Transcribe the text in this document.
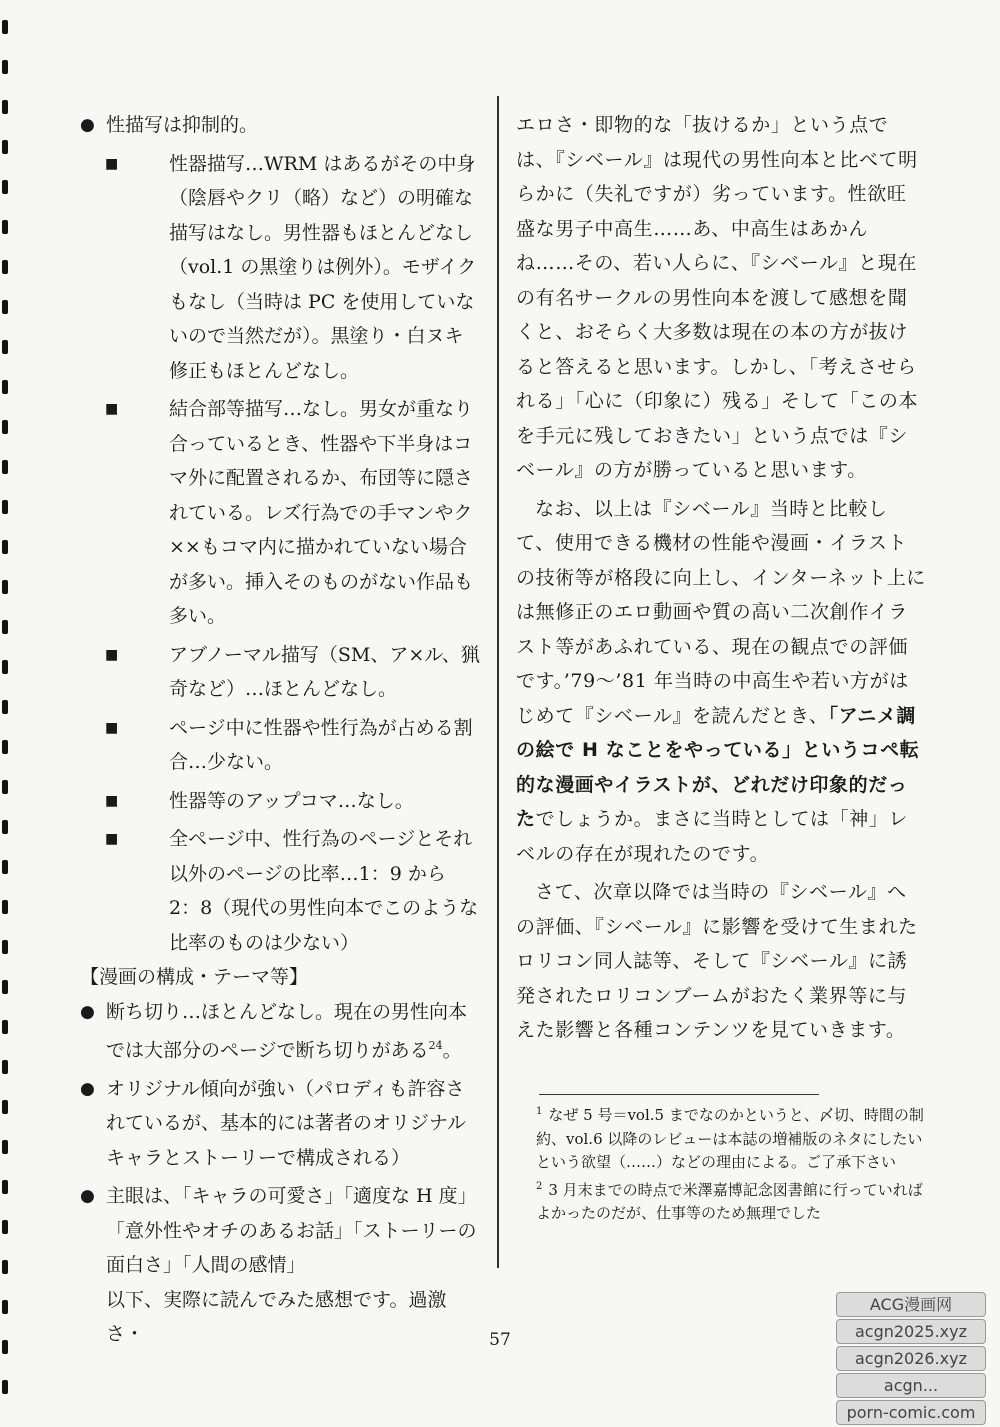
● 性描写は抑制的。
■ 性器描写…WRM はあるがその中身（陰唇やクリ（略）など）の明確な描写はなし。男性器もほとんどなし（vol.1 の黒塗りは例外）。モザイクもなし（当時は PC を使用していないので当然だが）。黒塗り・白ヌキ修正もほとんどなし。
■ 結合部等描写…なし。男女が重なり合っているとき、性器や下半身はコマ外に配置されるか、布団等に隠されている。レズ行為での手マンやク××もコマ内に描かれていない場合が多い。挿入そのものがない作品も多い。
■ アブノーマル描写（SM、ア×ル、猟奇など）…ほとんどなし。
■ ページ中に性器や性行為が占める割合…少ない。
■ 性器等のアップコマ…なし。
■ 全ページ中、性行為のページとそれ以外のページの比率…1：9 から 2：8（現代の男性向本でこのような比率のものは少ない）
【漫画の構成・テーマ等】
● 断ち切り…ほとんどなし。現在の男性向本では大部分のページで断ち切りがある$^{24}$。
● オリジナル傾向が強い（パロディも許容されているが、基本的には著者のオリジナルキャラとストーリーで構成される）
● 主眼は、「キャラの可愛さ」「適度な H 度」「意外性やオチのあるお話」「ストーリーの面白さ」「人間の感情」
以下、実際に読んでみた感想です。過激さ・
エロさ・即物的な「抜けるか」という点では、『シベール』は現代の男性向本と比べて明らかに（失礼ですが）劣っています。性欲旺盛な男子中高生……あ、中高生はあかんね……その、若い人らに、『シベール』と現在の有名サークルの男性向本を渡して感想を聞くと、おそらく大多数は現在の本の方が抜けると答えると思います。しかし、「考えさせられる」「心に（印象に）残る」そして「この本を手元に残しておきたい」という点では『シベール』の方が勝っていると思います。
なお、以上は『シベール』当時と比較して、使用できる機材の性能や漫画・イラストの技術等が格段に向上し、インターネット上には無修正のエロ動画や質の高い二次創作イラスト等があふれている、現在の観点での評価です。’79～’81 年当時の中高生や若い方がはじめて『シベール』を読んだとき、「アニメ調の絵で H なことをやっている」というコペ転的な漫画やイラストが、どれだけ印象的だったでしょうか。まさに当時としては「神」レベルの存在が現れたのです。
さて、次章以降では当時の『シベール』への評価、『シベール』に影響を受けて生まれたロリコン同人誌等、そして『シベール』に誘発されたロリコンブームがおたく業界等に与えた影響と各種コンテンツを見ていきます。
$^1$ なぜ 5 号＝vol.5 までなのかというと、〆切、時間の制約、vol.6 以降のレビューは本誌の増補版のネタにしたいという欲望（……）などの理由による。ご了承下さい
$^2$ 3 月末までの時点で米澤嘉博記念図書館に行っていればよかったのだが、仕事等のため無理でした
57
ACG漫画网
acgn2025.xyz
acgn2026.xyz
acgn...
porn-comic.com
